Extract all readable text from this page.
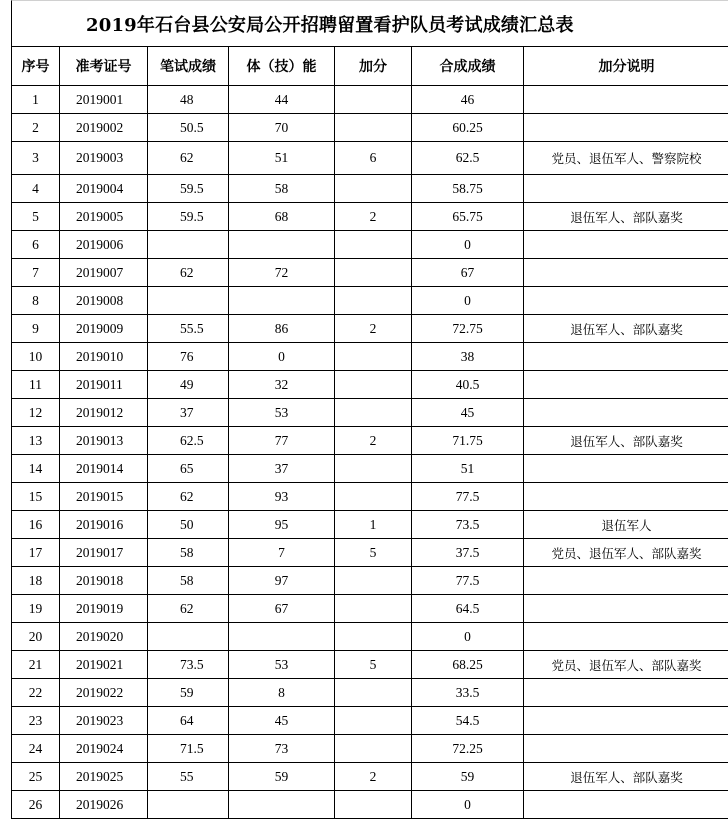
2019年石台县公安局公开招聘留置看护队员考试成绩汇总表
序号	准考证号	笔试成绩	体（技）能	加分	合成成绩	加分说明
1	2019001	48	44		46	
2	2019002	50.5	70		60.25	
3	2019003	62	51	6	62.5	党员、退伍军人、警察院校
4	2019004	59.5	58		58.75	
5	2019005	59.5	68	2	65.75	退伍军人、部队嘉奖
6	2019006				0	
7	2019007	62	72		67	
8	2019008				0	
9	2019009	55.5	86	2	72.75	退伍军人、部队嘉奖
10	2019010	76	0		38	
11	2019011	49	32		40.5	
12	2019012	37	53		45	
13	2019013	62.5	77	2	71.75	退伍军人、部队嘉奖
14	2019014	65	37		51	
15	2019015	62	93		77.5	
16	2019016	50	95	1	73.5	退伍军人
17	2019017	58	7	5	37.5	党员、退伍军人、部队嘉奖
18	2019018	58	97		77.5	
19	2019019	62	67		64.5	
20	2019020				0	
21	2019021	73.5	53	5	68.25	党员、退伍军人、部队嘉奖
22	2019022	59	8		33.5	
23	2019023	64	45		54.5	
24	2019024	71.5	73		72.25	
25	2019025	55	59	2	59	退伍军人、部队嘉奖
26	2019026				0	
